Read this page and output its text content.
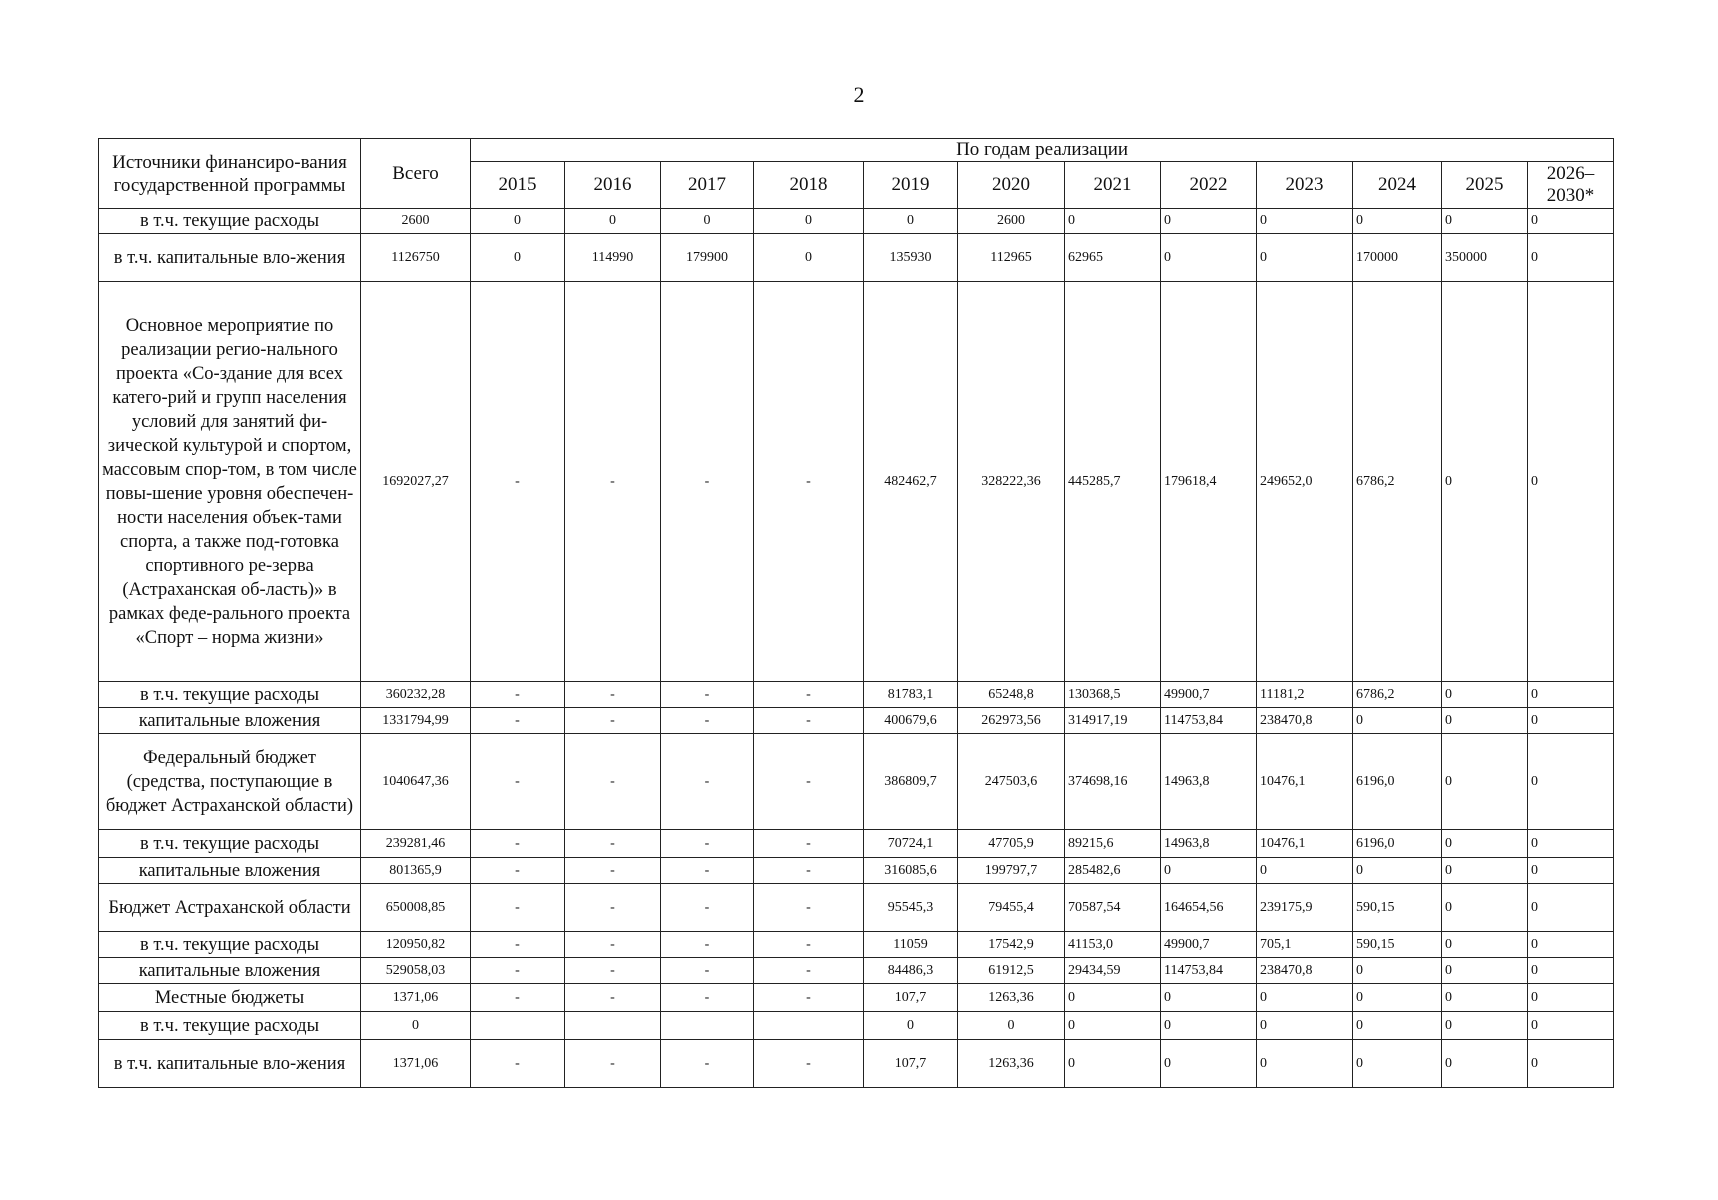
2
Источники финансиро-вания государственной программы	Всего	По годам реализации											
		2015	2016	2017	2018	2019	2020	2021	2022	2023	2024	2025	2026–2030*
в т.ч. текущие расходы	2600	0	0	0	0	0	2600	0	0	0	0	0	0
в т.ч. капитальные вло-жения	1126750	0	114990	179900	0	135930	112965	62965	0	0	170000	350000	0
Основное мероприятие по реализации регио-нального проекта «Со-здание для всех катего-рий и групп населения условий для занятий фи-зической культурой и спортом, массовым спор-том, в том числе повы-шение уровня обеспечен-ности населения объек-тами спорта, а также под-готовка спортивного ре-зерва (Астраханская об-ласть)» в рамках феде-рального проекта «Спорт – норма жизни»	1692027,27	-	-	-	-	482462,7	328222,36	445285,7	179618,4	249652,0	6786,2	0	0
в т.ч. текущие расходы	360232,28	-	-	-	-	81783,1	65248,8	130368,5	49900,7	11181,2	6786,2	0	0
капитальные вложения	1331794,99	-	-	-	-	400679,6	262973,56	314917,19	114753,84	238470,8	0	0	0
Федеральный бюджет (средства, поступающие в бюджет Астраханской области)	1040647,36	-	-	-	-	386809,7	247503,6	374698,16	14963,8	10476,1	6196,0	0	0
в т.ч. текущие расходы	239281,46	-	-	-	-	70724,1	47705,9	89215,6	14963,8	10476,1	6196,0	0	0
капитальные вложения	801365,9	-	-	-	-	316085,6	199797,7	285482,6	0	0	0	0	0
Бюджет Астраханской области	650008,85	-	-	-	-	95545,3	79455,4	70587,54	164654,56	239175,9	590,15	0	0
в т.ч. текущие расходы	120950,82	-	-	-	-	11059	17542,9	41153,0	49900,7	705,1	590,15	0	0
капитальные вложения	529058,03	-	-	-	-	84486,3	61912,5	29434,59	114753,84	238470,8	0	0	0
Местные бюджеты	1371,06	-	-	-	-	107,7	1263,36	0	0	0	0	0	0
в т.ч. текущие расходы	0					0	0	0	0	0	0	0	0
в т.ч. капитальные вло-жения	1371,06	-	-	-	-	107,7	1263,36	0	0	0	0	0	0
